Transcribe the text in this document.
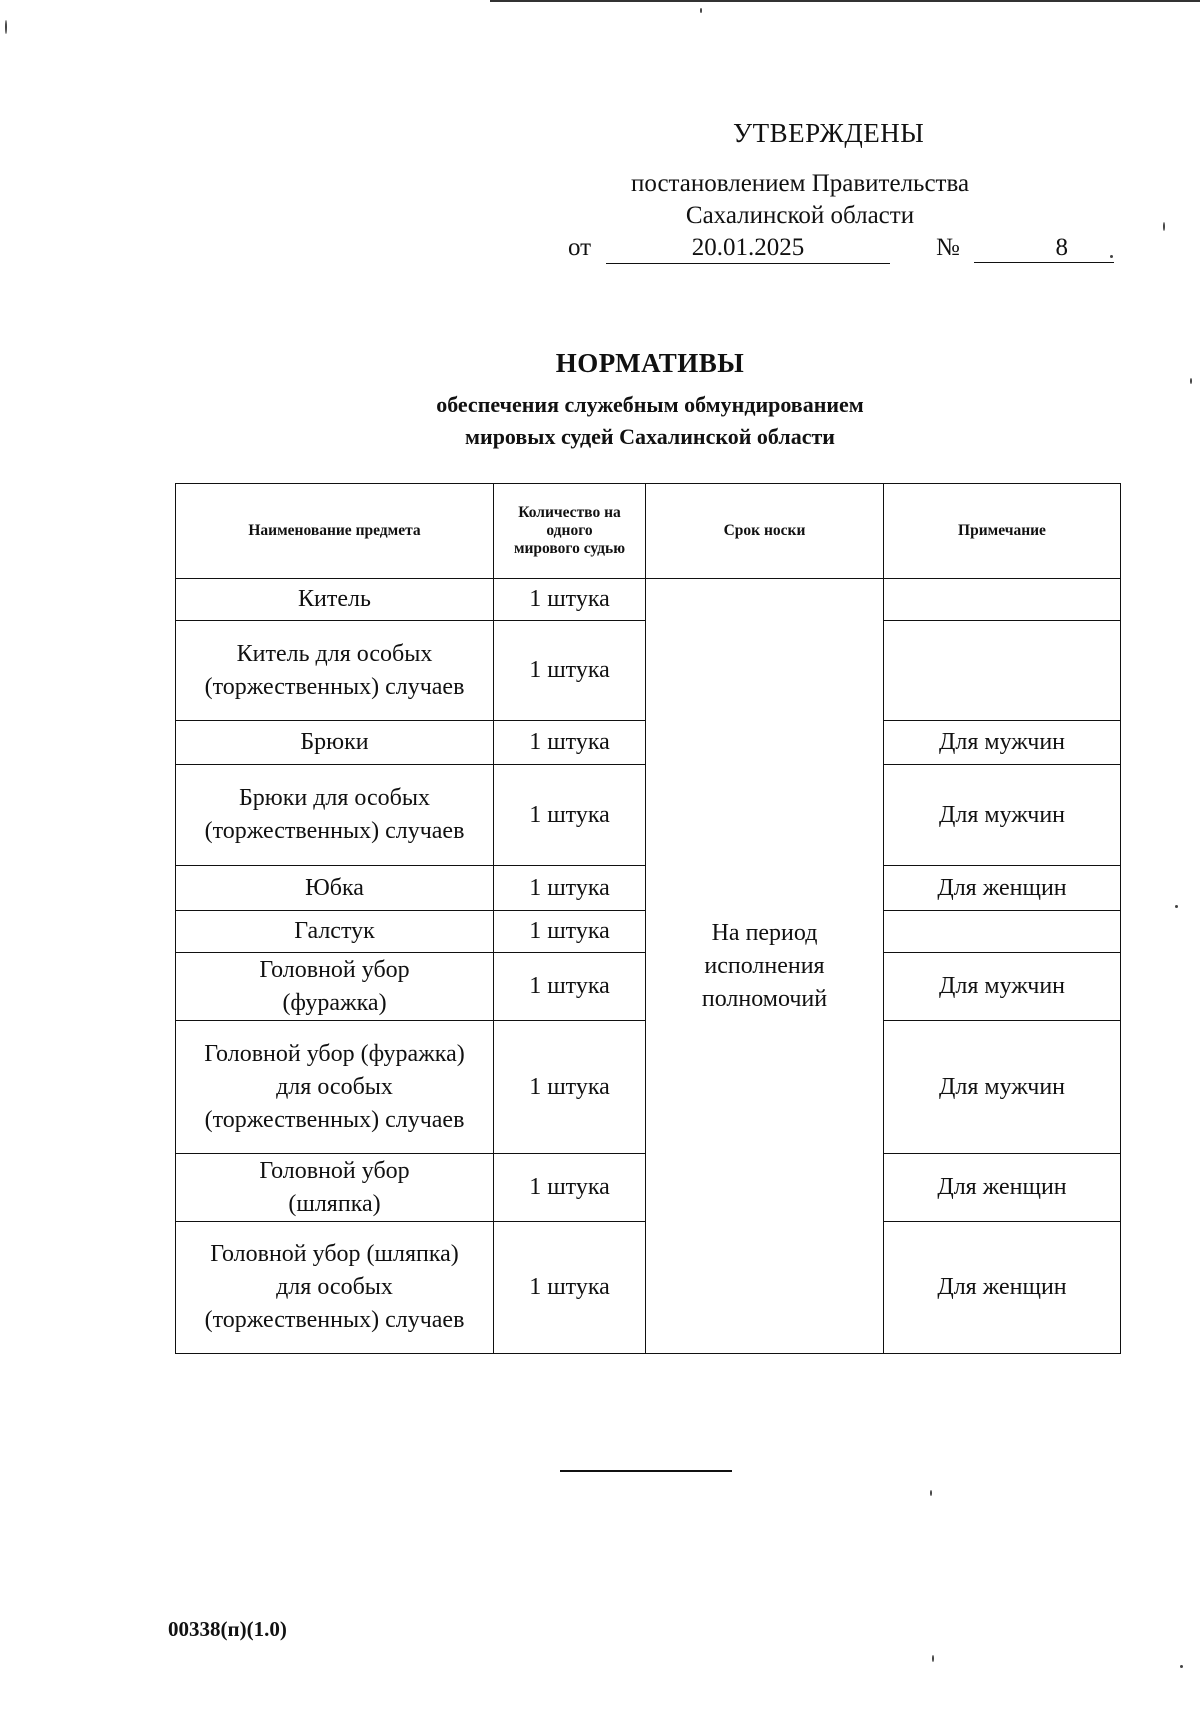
УТВЕРЖДЕНЫ
постановлением Правительства
Сахалинской области
от	20.01.2025	№	8
НОРМАТИВЫ
обеспечения служебным обмундированием
мировых судей Сахалинской области
Наименование предмета	Количество на одного мирового судью	Срок носки	Примечание
Китель	1 штука	На период исполнения полномочий	
Китель для особых (торжественных) случаев	1 штука		
Брюки	1 штука		Для мужчин
Брюки для особых (торжественных) случаев	1 штука		Для мужчин
Юбка	1 штука		Для женщин
Галстук	1 штука		
Головной убор (фуражка)	1 штука		Для мужчин
Головной убор (фуражка) для особых (торжественных) случаев	1 штука		Для мужчин
Головной убор (шляпка)	1 штука		Для женщин
Головной убор (шляпка) для особых (торжественных) случаев	1 штука		Для женщин
00338(п)(1.0)
